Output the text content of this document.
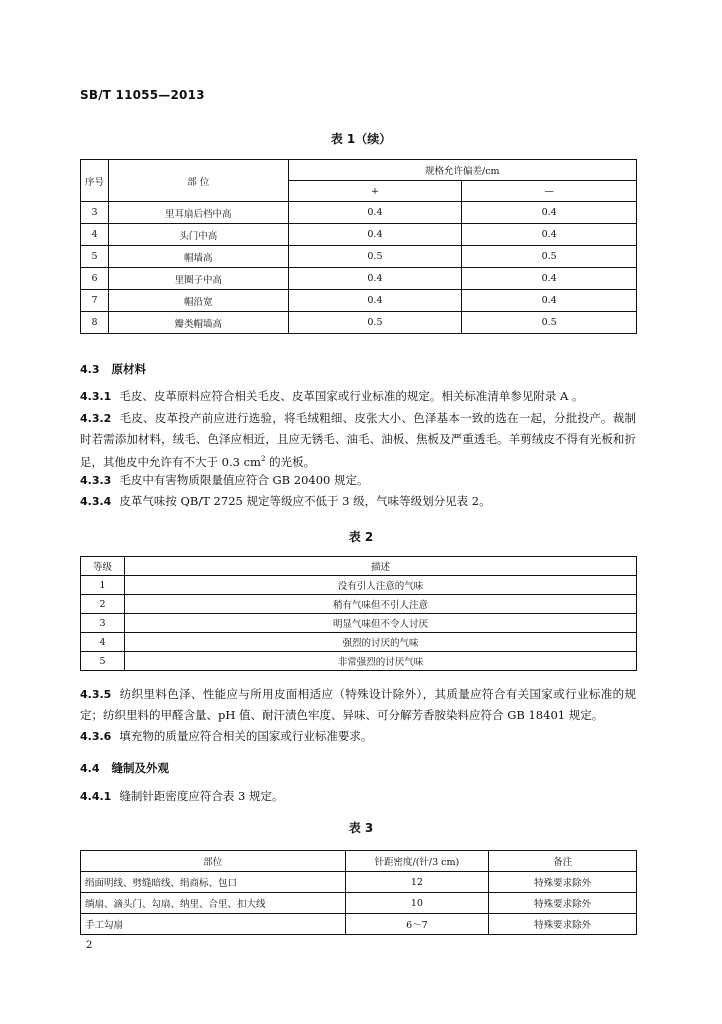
SB/T 11055—2013
表 1（续）
序号	部 位	规格允许偏差/cm	
		+	—
3	里耳扇后档中高	0.4	0.4
4	头门中高	0.4	0.4
5	帽墙高	0.5	0.5
6	里圈子中高	0.4	0.4
7	帽沿宽	0.4	0.4
8	瓣类帽墙高	0.5	0.5
4.3 原材料
4.3.1 毛皮、皮革原料应符合相关毛皮、皮革国家或行业标准的规定。相关标准清单参见附录 A 。
4.3.2 毛皮、皮革投产前应进行选验，将毛绒粗细、皮张大小、色泽基本一致的选在一起，分批投产。裁制时若需添加材料，绒毛、色泽应相近，且应无锈毛、油毛、油板、焦板及严重透毛。羊剪绒皮不得有光板和折足，其他皮中允许有不大于 0.3 $cm^2$ 的光板。
4.3.3 毛皮中有害物质限量值应符合 GB 20400 规定。
4.3.4 皮革气味按 QB/T 2725 规定等级应不低于 3 级，气味等级划分见表 2。
表 2
等级	描述
1	没有引人注意的气味
2	稍有气味但不引人注意
3	明显气味但不令人讨厌
4	强烈的讨厌的气味
5	非常强烈的讨厌气味
4.3.5 纺织里料色泽、性能应与所用皮面相适应（特殊设计除外），其质量应符合有关国家或行业标准的规定；纺织里料的甲醛含量、pH 值、耐汗渍色牢度、异味、可分解芳香胺染料应符合 GB 18401 规定。
4.3.6 填充物的质量应符合相关的国家或行业标准要求。
4.4 缝制及外观
4.4.1 缝制针距密度应符合表 3 规定。
表 3
部位	针距密度/(针/3 cm)	备注
绢面明线、劈缝暗线、绢商标、包口	12	特殊要求除外
绱扇、滴头门、勾扇、纳里、合里、扣大线	10	特殊要求除外
手工勾扇	6～7	特殊要求除外
2
